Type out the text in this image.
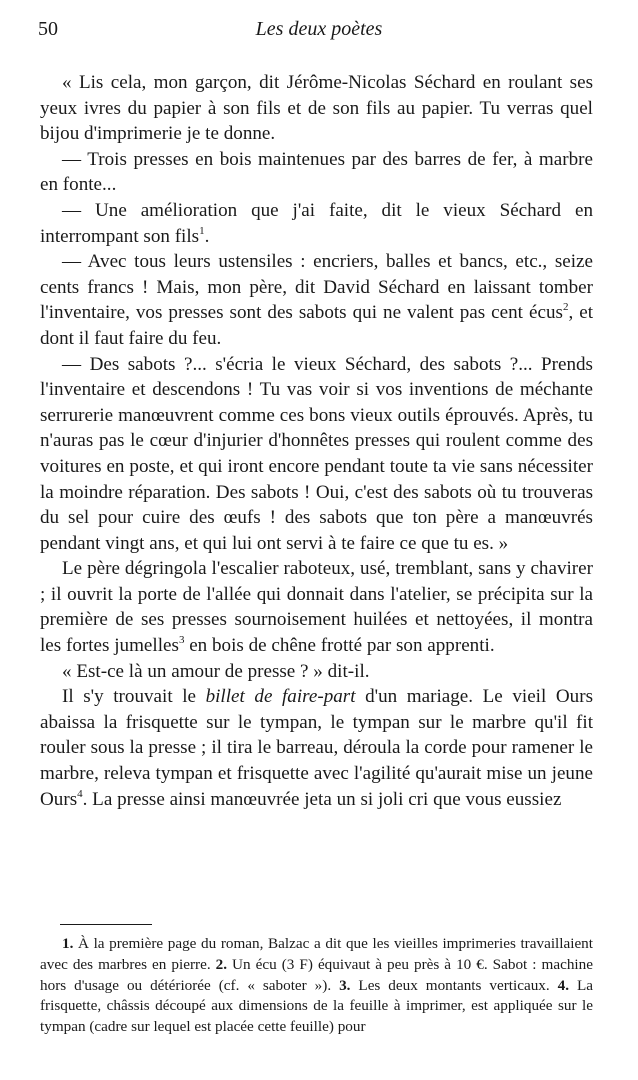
50	Les deux poètes

« Lis cela, mon garçon, dit Jérôme-Nicolas Séchard en roulant ses yeux ivres du papier à son fils et de son fils au papier. Tu verras quel bijou d'imprimerie je te donne.

— Trois presses en bois maintenues par des barres de fer, à marbre en fonte...

— Une amélioration que j'ai faite, dit le vieux Séchard en interrompant son fils$^1$.

— Avec tous leurs ustensiles : encriers, balles et bancs, etc., seize cents francs ! Mais, mon père, dit David Séchard en laissant tomber l'inventaire, vos presses sont des sabots qui ne valent pas cent écus$^2$, et dont il faut faire du feu.

— Des sabots ?... s'écria le vieux Séchard, des sabots ?... Prends l'inventaire et descendons ! Tu vas voir si vos inventions de méchante serrurerie manœuvrent comme ces bons vieux outils éprouvés. Après, tu n'auras pas le cœur d'injurier d'honnêtes presses qui roulent comme des voitures en poste, et qui iront encore pendant toute ta vie sans nécessiter la moindre réparation. Des sabots ! Oui, c'est des sabots où tu trouveras du sel pour cuire des œufs ! des sabots que ton père a manœuvrés pendant vingt ans, et qui lui ont servi à te faire ce que tu es. »

Le père dégringola l'escalier raboteux, usé, tremblant, sans y chavirer ; il ouvrit la porte de l'allée qui donnait dans l'atelier, se précipita sur la première de ses presses sournoisement huilées et nettoyées, il montra les fortes jumelles$^3$ en bois de chêne frotté par son apprenti.

« Est-ce là un amour de presse ? » dit-il.

Il s'y trouvait le billet de faire-part d'un mariage. Le vieil Ours abaissa la frisquette sur le tympan, le tympan sur le marbre qu'il fit rouler sous la presse ; il tira le barreau, déroula la corde pour ramener le marbre, releva tympan et frisquette avec l'agilité qu'aurait mise un jeune Ours$^4$. La presse ainsi manœuvrée jeta un si joli cri que vous eussiez

1. À la première page du roman, Balzac a dit que les vieilles imprimeries travaillaient avec des marbres en pierre. 2. Un écu (3 F) équivaut à peu près à 10 €. Sabot : machine hors d'usage ou détériorée (cf. « saboter »). 3. Les deux montants verticaux. 4. La frisquette, châssis découpé aux dimensions de la feuille à imprimer, est appliquée sur le tympan (cadre sur lequel est placée cette feuille) pour
